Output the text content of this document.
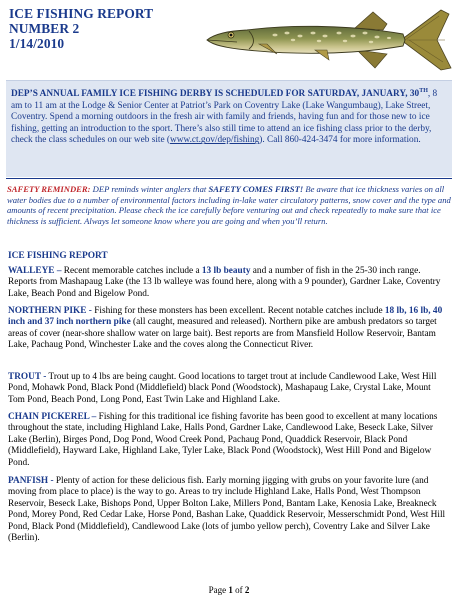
ICE FISHING REPORT
NUMBER 2
1/14/2010

DEP’S ANNUAL FAMILY ICE FISHING DERBY IS SCHEDULED FOR SATURDAY, JANUARY, 30TH, 8 am to 11 am at the Lodge & Senior Center at Patriot’s Park on Coventry Lake (Lake Wangumbaug), Lake Street, Coventry. Spend a morning outdoors in the fresh air with family and friends, having fun and for those new to ice fishing, getting an introduction to the sport. There’s also still time to attend an ice fishing class prior to the derby, check the class schedules on our web site (www.ct.gov/dep/fishing). Call 860-424-3474 for more information.

SAFETY REMINDER: DEP reminds winter anglers that SAFETY COMES FIRST! Be aware that ice thickness varies on all water bodies due to a number of environmental factors including in-lake water circulatory patterns, snow cover and the type and amounts of recent precipitation. Please check the ice carefully before venturing out and check repeatedly to make sure that ice thickness is sufficient. Always let someone know where you are going and when you’ll return.
ICE FISHING REPORT
WALLEYE – Recent memorable catches include a 13 lb beauty and a number of fish in the 25-30 inch range. Reports from Mashapaug Lake (the 13 lb walleye was found here, along with a 9 pounder), Gardner Lake, Coventry Lake, Beach Pond and Bigelow Pond.
NORTHERN PIKE - Fishing for these monsters has been excellent. Recent notable catches include 18 lb, 16 lb, 40 inch and 37 inch northern pike (all caught, measured and released). Northern pike are ambush predators so target areas of cover (near-shore shallow water on large bait). Best reports are from Mansfield Hollow Reservoir, Bantam Lake, Pachaug Pond, Winchester Lake and the coves along the Connecticut River.
TROUT - Trout up to 4 lbs are being caught. Good locations to target trout at include Candlewood Lake, West Hill Pond, Mohawk Pond, Black Pond (Middlefield) black Pond (Woodstock), Mashapaug Lake, Crystal Lake, Mount Tom Pond, Beach Pond, Long Pond, East Twin Lake and Highland Lake.
CHAIN PICKEREL – Fishing for this traditional ice fishing favorite has been good to excellent at many locations throughout the state, including Highland Lake, Halls Pond, Gardner Lake, Candlewood Lake, Beseck Lake, Silver Lake (Berlin), Birges Pond, Dog Pond, Wood Creek Pond, Pachaug Pond, Quaddick Reservoir, Black Pond (Middlefield), Hayward Lake, Highland Lake, Tyler Lake, Black Pond (Woodstock), West Hill Pond and Bigelow Pond.
PANFISH - Plenty of action for these delicious fish. Early morning jigging with grubs on your favorite lure (and moving from place to place) is the way to go. Areas to try include Highland Lake, Halls Pond, West Thompson Reservoir, Beseck Lake, Bishops Pond, Upper Bolton Lake, Millers Pond, Bantam Lake, Kenosia Lake, Breakneck Pond, Morey Pond, Red Cedar Lake, Horse Pond, Bashan Lake, Quaddick Reservoir, Messerschmidt Pond, West Hill Pond, Black Pond (Middlefield), Candlewood Lake (lots of jumbo yellow perch), Coventry Lake and Silver Lake (Berlin).
Page 1 of 2
